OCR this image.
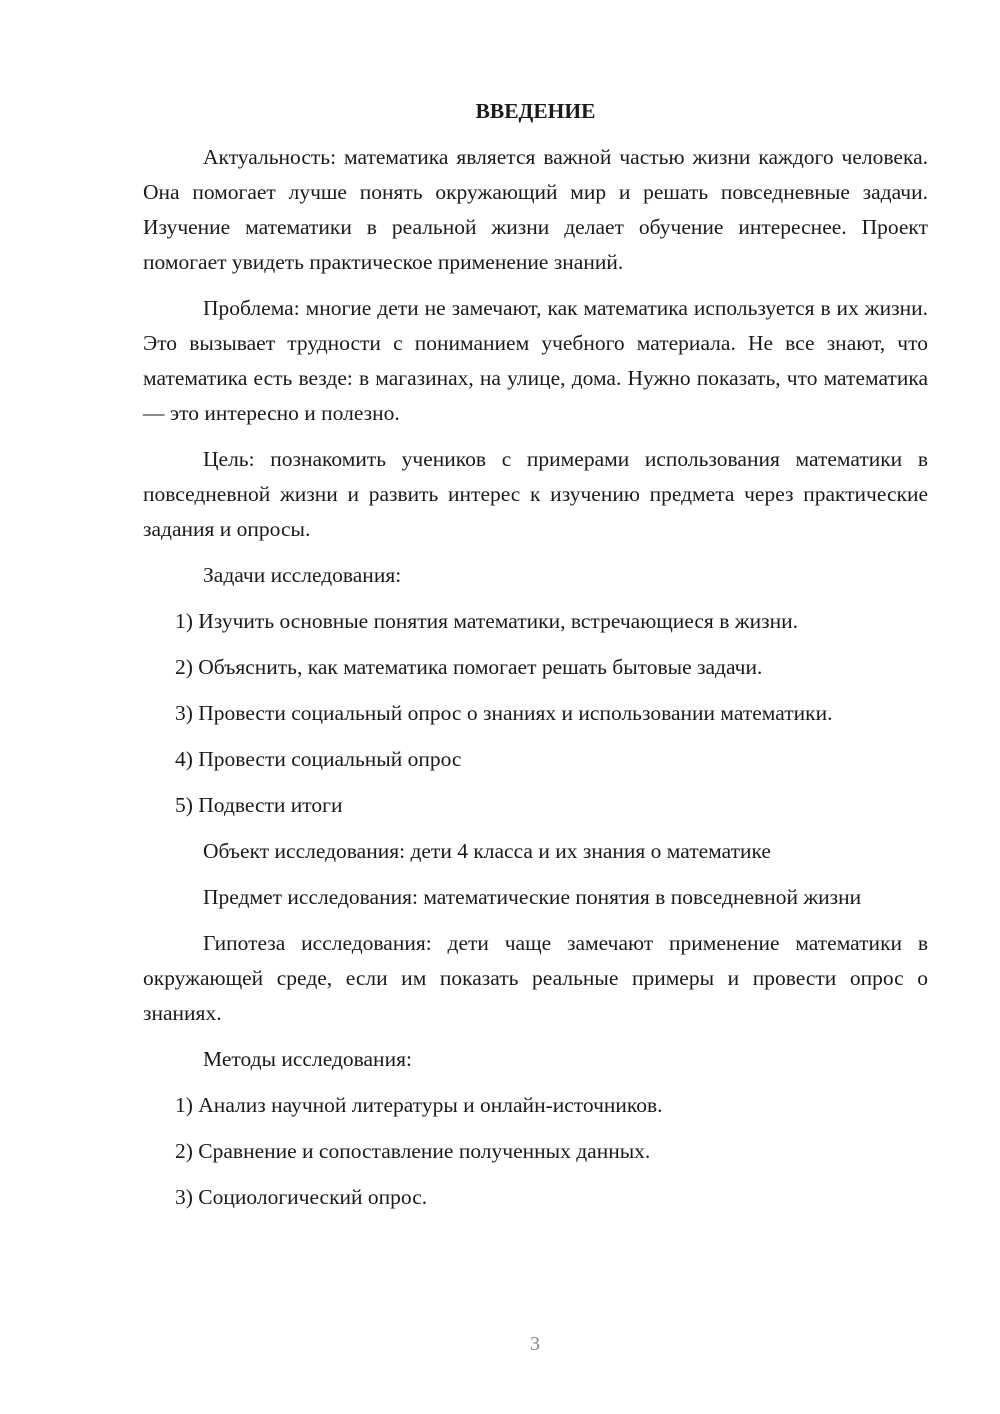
ВВЕДЕНИЕ

Актуальность: математика является важной частью жизни каждого человека. Она помогает лучше понять окружающий мир и решать повседневные задачи. Изучение математики в реальной жизни делает обучение интереснее. Проект помогает увидеть практическое применение знаний.

Проблема: многие дети не замечают, как математика используется в их жизни. Это вызывает трудности с пониманием учебного материала. Не все знают, что математика есть везде: в магазинах, на улице, дома. Нужно показать, что математика — это интересно и полезно.

Цель: познакомить учеников с примерами использования математики в повседневной жизни и развить интерес к изучению предмета через практические задания и опросы.

Задачи исследования:

1) Изучить основные понятия математики, встречающиеся в жизни.

2) Объяснить, как математика помогает решать бытовые задачи.

3) Провести социальный опрос о знаниях и использовании математики.

4) Провести социальный опрос

5) Подвести итоги

Объект исследования: дети 4 класса и их знания о математике

Предмет исследования: математические понятия в повседневной жизни

Гипотеза исследования: дети чаще замечают применение математики в окружающей среде, если им показать реальные примеры и провести опрос о знаниях.

Методы исследования:

1) Анализ научной литературы и онлайн-источников.

2) Сравнение и сопоставление полученных данных.

3) Социологический опрос.

3
